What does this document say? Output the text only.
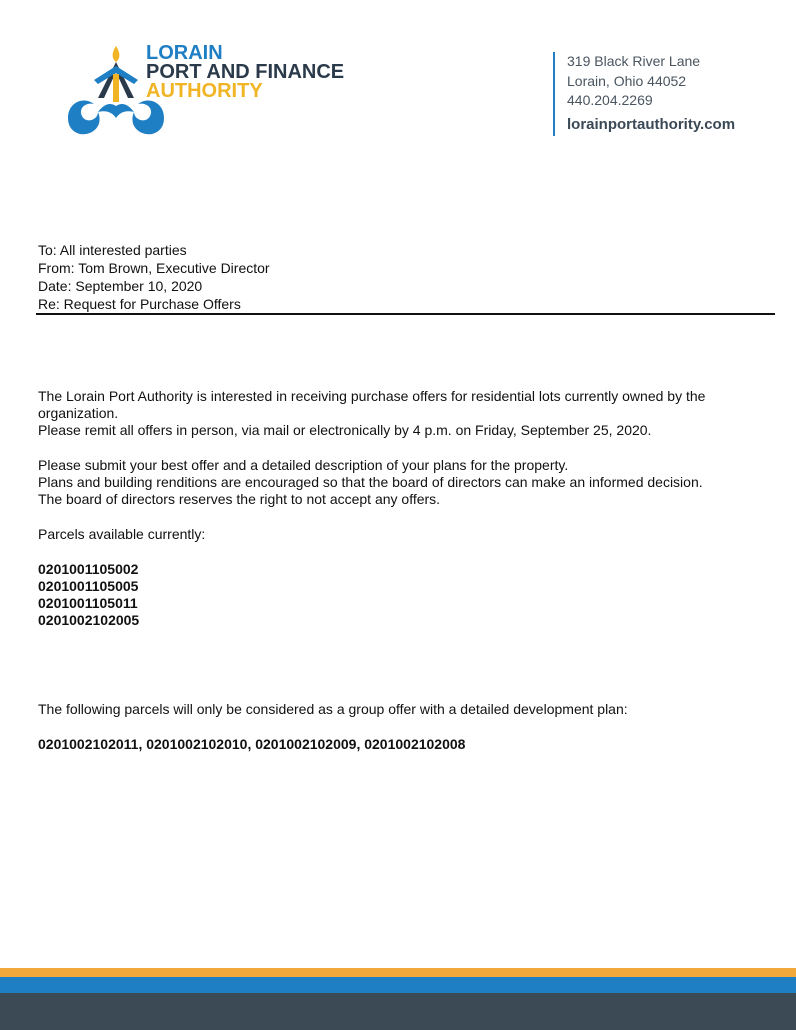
LORAIN
PORT AND FINANCE
AUTHORITY
319 Black River Lane
Lorain, Ohio 44052
440.204.2269
lorainportauthority.com
To: All interested parties
From: Tom Brown, Executive Director
Date: September 10, 2020
Re: Request for Purchase Offers

The Lorain Port Authority is interested in receiving purchase offers for residential lots currently owned by the organization.

Please remit all offers in person, via mail or electronically by 4 p.m. on Friday, September 25, 2020.

Please submit your best offer and a detailed description of your plans for the property.

Plans and building renditions are encouraged so that the board of directors can make an informed decision.

The board of directors reserves the right to not accept any offers.

Parcels available currently:

0201001105002

0201001105005

0201001105011

0201002102005

The following parcels will only be considered as a group offer with a detailed development plan:

0201002102011, 0201002102010, 0201002102009, 0201002102008
